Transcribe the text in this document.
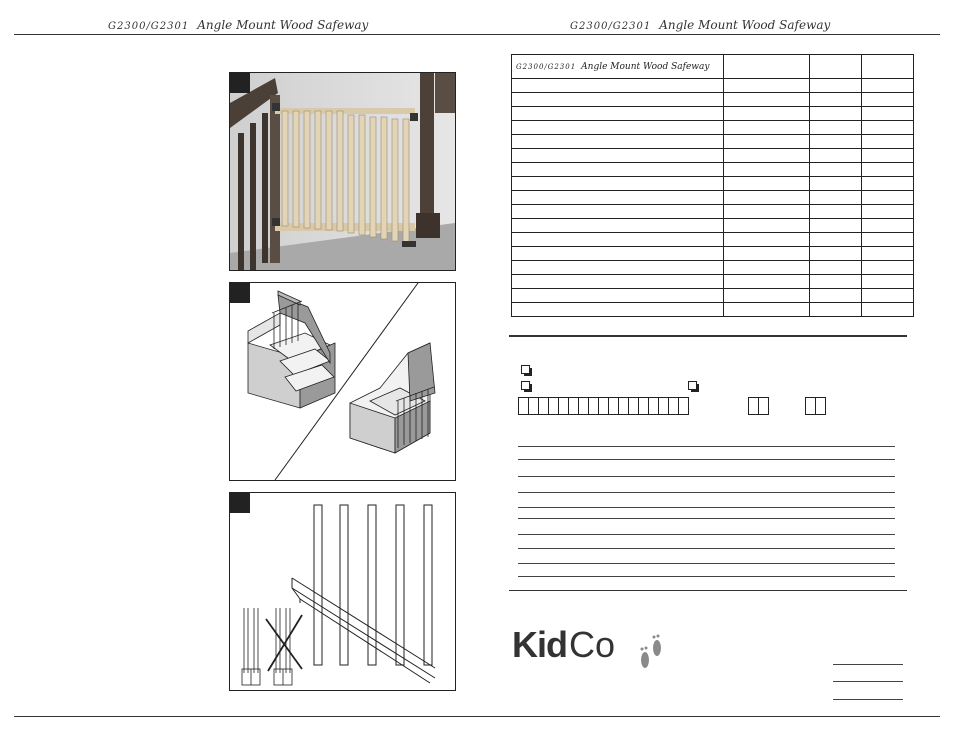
G2300/G2301 Angle Mount Wood Safeway	G2300/G2301 Angle Mount Wood Safeway
G2300/G2301 Angle Mount Wood Safeway			

Kid Co
